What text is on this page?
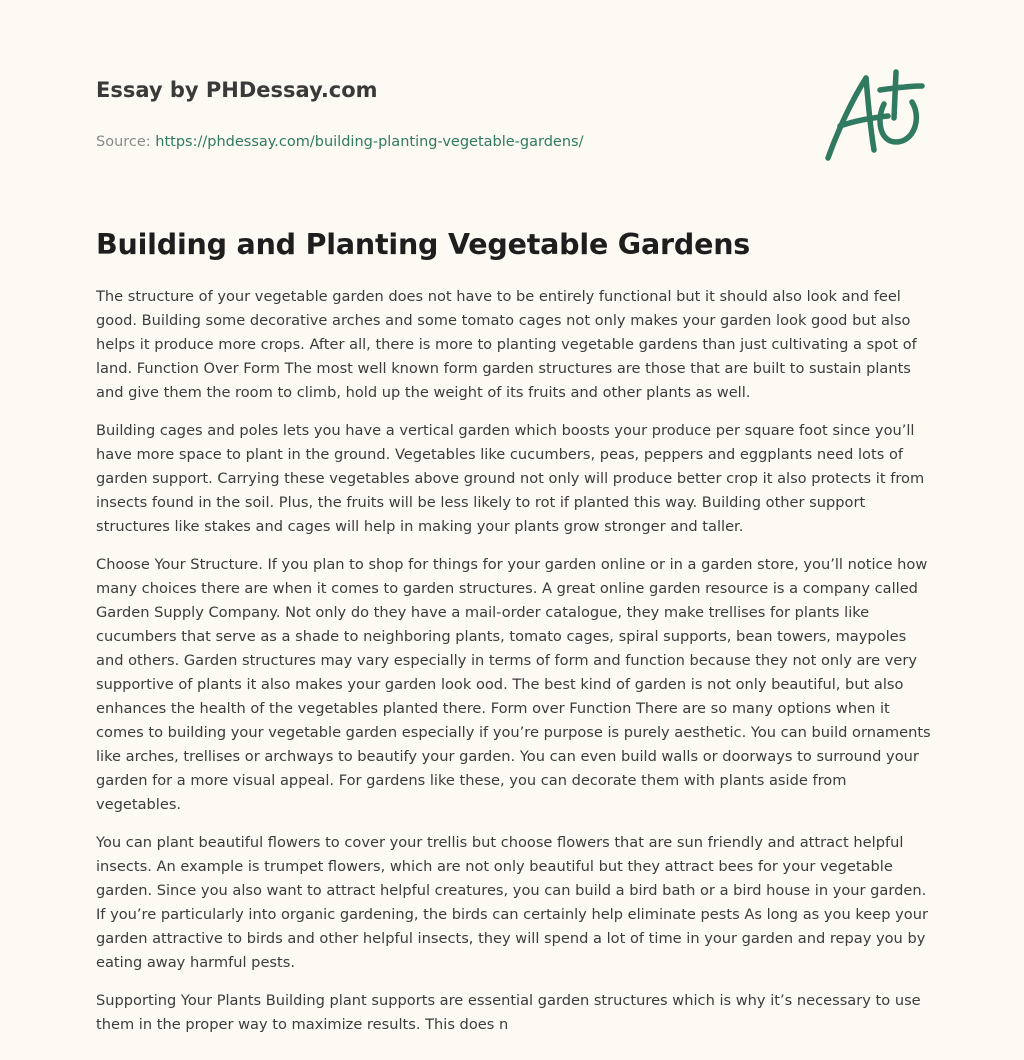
Essay by PHDessay.com
Source: https://phdessay.com/building-planting-vegetable-gardens/
Building and Planting Vegetable Gardens

The structure of your vegetable garden does not have to be entirely functional but it should also look and feel good. Building some decorative arches and some tomato cages not only makes your garden look good but also helps it produce more crops. After all, there is more to planting vegetable gardens than just cultivating a spot of land. Function Over Form The most well known form garden structures are those that are built to sustain plants and give them the room to climb, hold up the weight of its fruits and other plants as well.

Building cages and poles lets you have a vertical garden which boosts your produce per square foot since you’ll have more space to plant in the ground. Vegetables like cucumbers, peas, peppers and eggplants need lots of garden support. Carrying these vegetables above ground not only will produce better crop it also protects it from insects found in the soil. Plus, the fruits will be less likely to rot if planted this way. Building other support structures like stakes and cages will help in making your plants grow stronger and taller.

Choose Your Structure. If you plan to shop for things for your garden online or in a garden store, you’ll notice how many choices there are when it comes to garden structures. A great online garden resource is a company called Garden Supply Company. Not only do they have a mail-order catalogue, they make trellises for plants like cucumbers that serve as a shade to neighboring plants, tomato cages, spiral supports, bean towers, maypoles and others. Garden structures may vary especially in terms of form and function because they not only are very supportive of plants it also makes your garden look ood. The best kind of garden is not only beautiful, but also enhances the health of the vegetables planted there. Form over Function There are so many options when it comes to building your vegetable garden especially if you’re purpose is purely aesthetic. You can build ornaments like arches, trellises or archways to beautify your garden. You can even build walls or doorways to surround your garden for a more visual appeal. For gardens like these, you can decorate them with plants aside from vegetables.

You can plant beautiful flowers to cover your trellis but choose flowers that are sun friendly and attract helpful insects. An example is trumpet flowers, which are not only beautiful but they attract bees for your vegetable garden. Since you also want to attract helpful creatures, you can build a bird bath or a bird house in your garden. If you’re particularly into organic gardening, the birds can certainly help eliminate pests As long as you keep your garden attractive to birds and other helpful insects, they will spend a lot of time in your garden and repay you by eating away harmful pests.

Supporting Your Plants Building plant supports are essential garden structures which is why it’s necessary to use them in the proper way to maximize results. This does n
